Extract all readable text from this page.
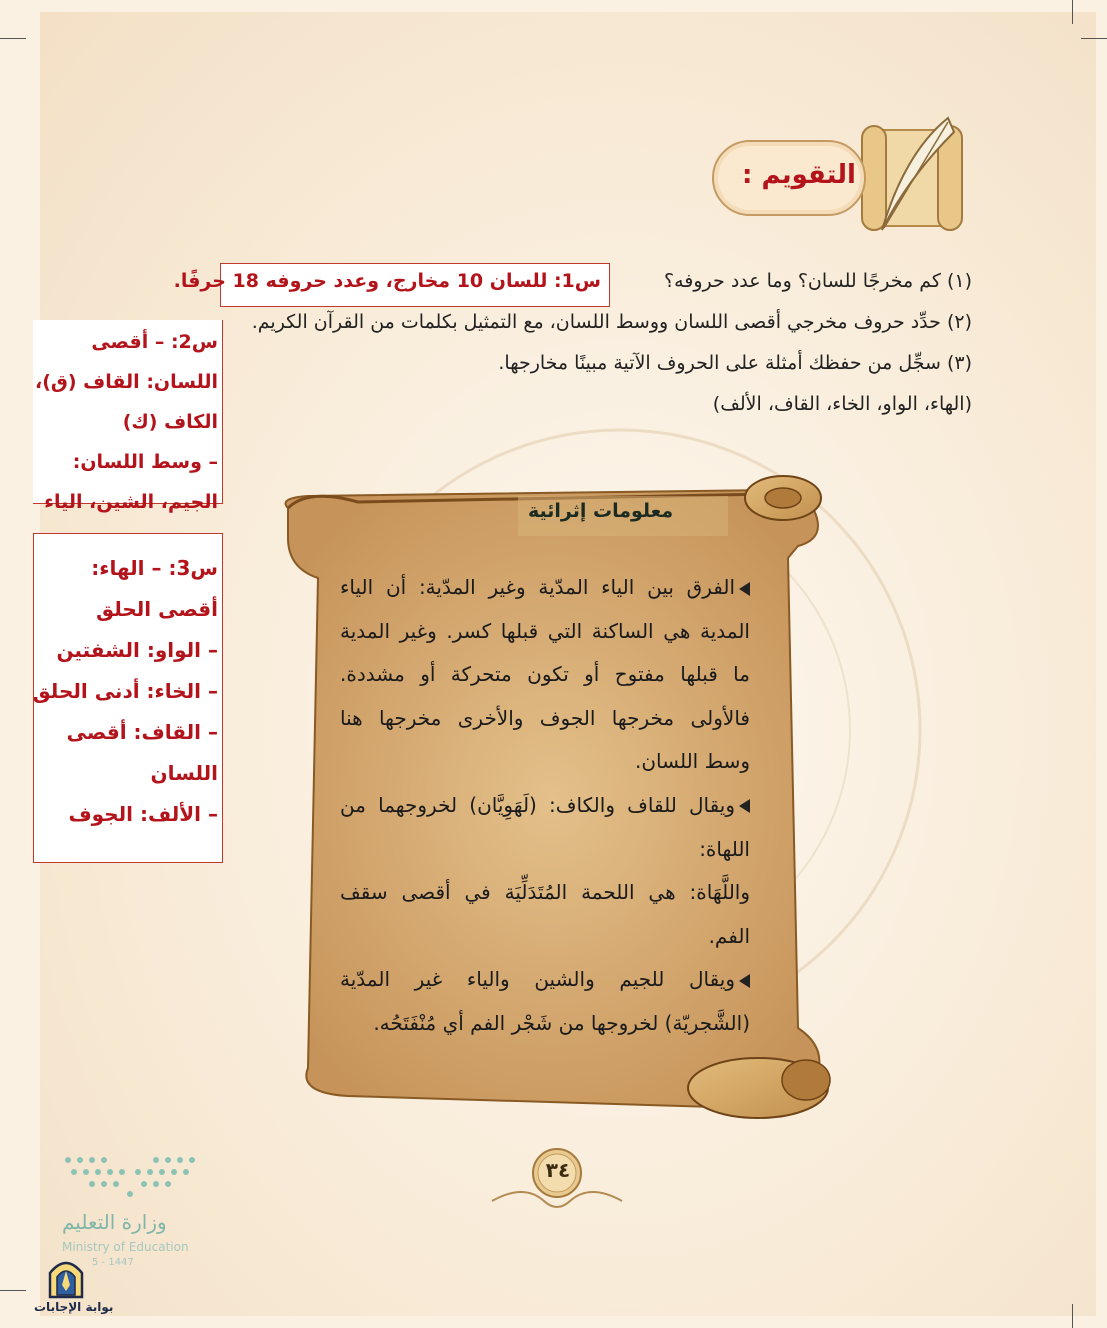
التقويم :
(١) كم مخرجًا للسان؟ وما عدد حروفه؟
(٢) حدِّد حروف مخرجي أقصى اللسان ووسط اللسان، مع التمثيل بكلمات من القرآن الكريم.
(٣) سجِّل من حفظك أمثلة على الحروف الآتية مبينًا مخارجها.
(الهاء، الواو، الخاء، القاف، الألف)
س1: للسان 10 مخارج، وعدد حروفه 18 حرفًا.
س2: – أقصى
اللسان: القاف (ق)،
الكاف (ك)
– وسط اللسان:
الجيم، الشين، الياء
س3: – الهاء:
أقصى الحلق
– الواو: الشفتين
– الخاء: أدنى الحلق
– القاف: أقصى
اللسان
– الألف: الجوف
معلومات إثرائية

الفرق بين الياء المدّية وغير المدّية: أن الياء المدية هي الساكنة التي قبلها كسر. وغير المدية ما قبلها مفتوح أو تكون متحركة أو مشددة. فالأولى مخرجها الجوف والأخرى مخرجها هنا وسط اللسان.

ويقال للقاف والكاف: (لَهَوِيَّان) لخروجهما من اللهاة:

واللَّهَاة: هي اللحمة المُتَدَلِّيَة في أقصى سقف الفم.

ويقال للجيم والشين والياء غير المدّية (الشَّجريّة) لخروجها من شَجْر الفم أي مُنْفَتَحُه.

٣٤
وزارة التعليم
Ministry of Education
5 - 1447
بوابة الإجابات
